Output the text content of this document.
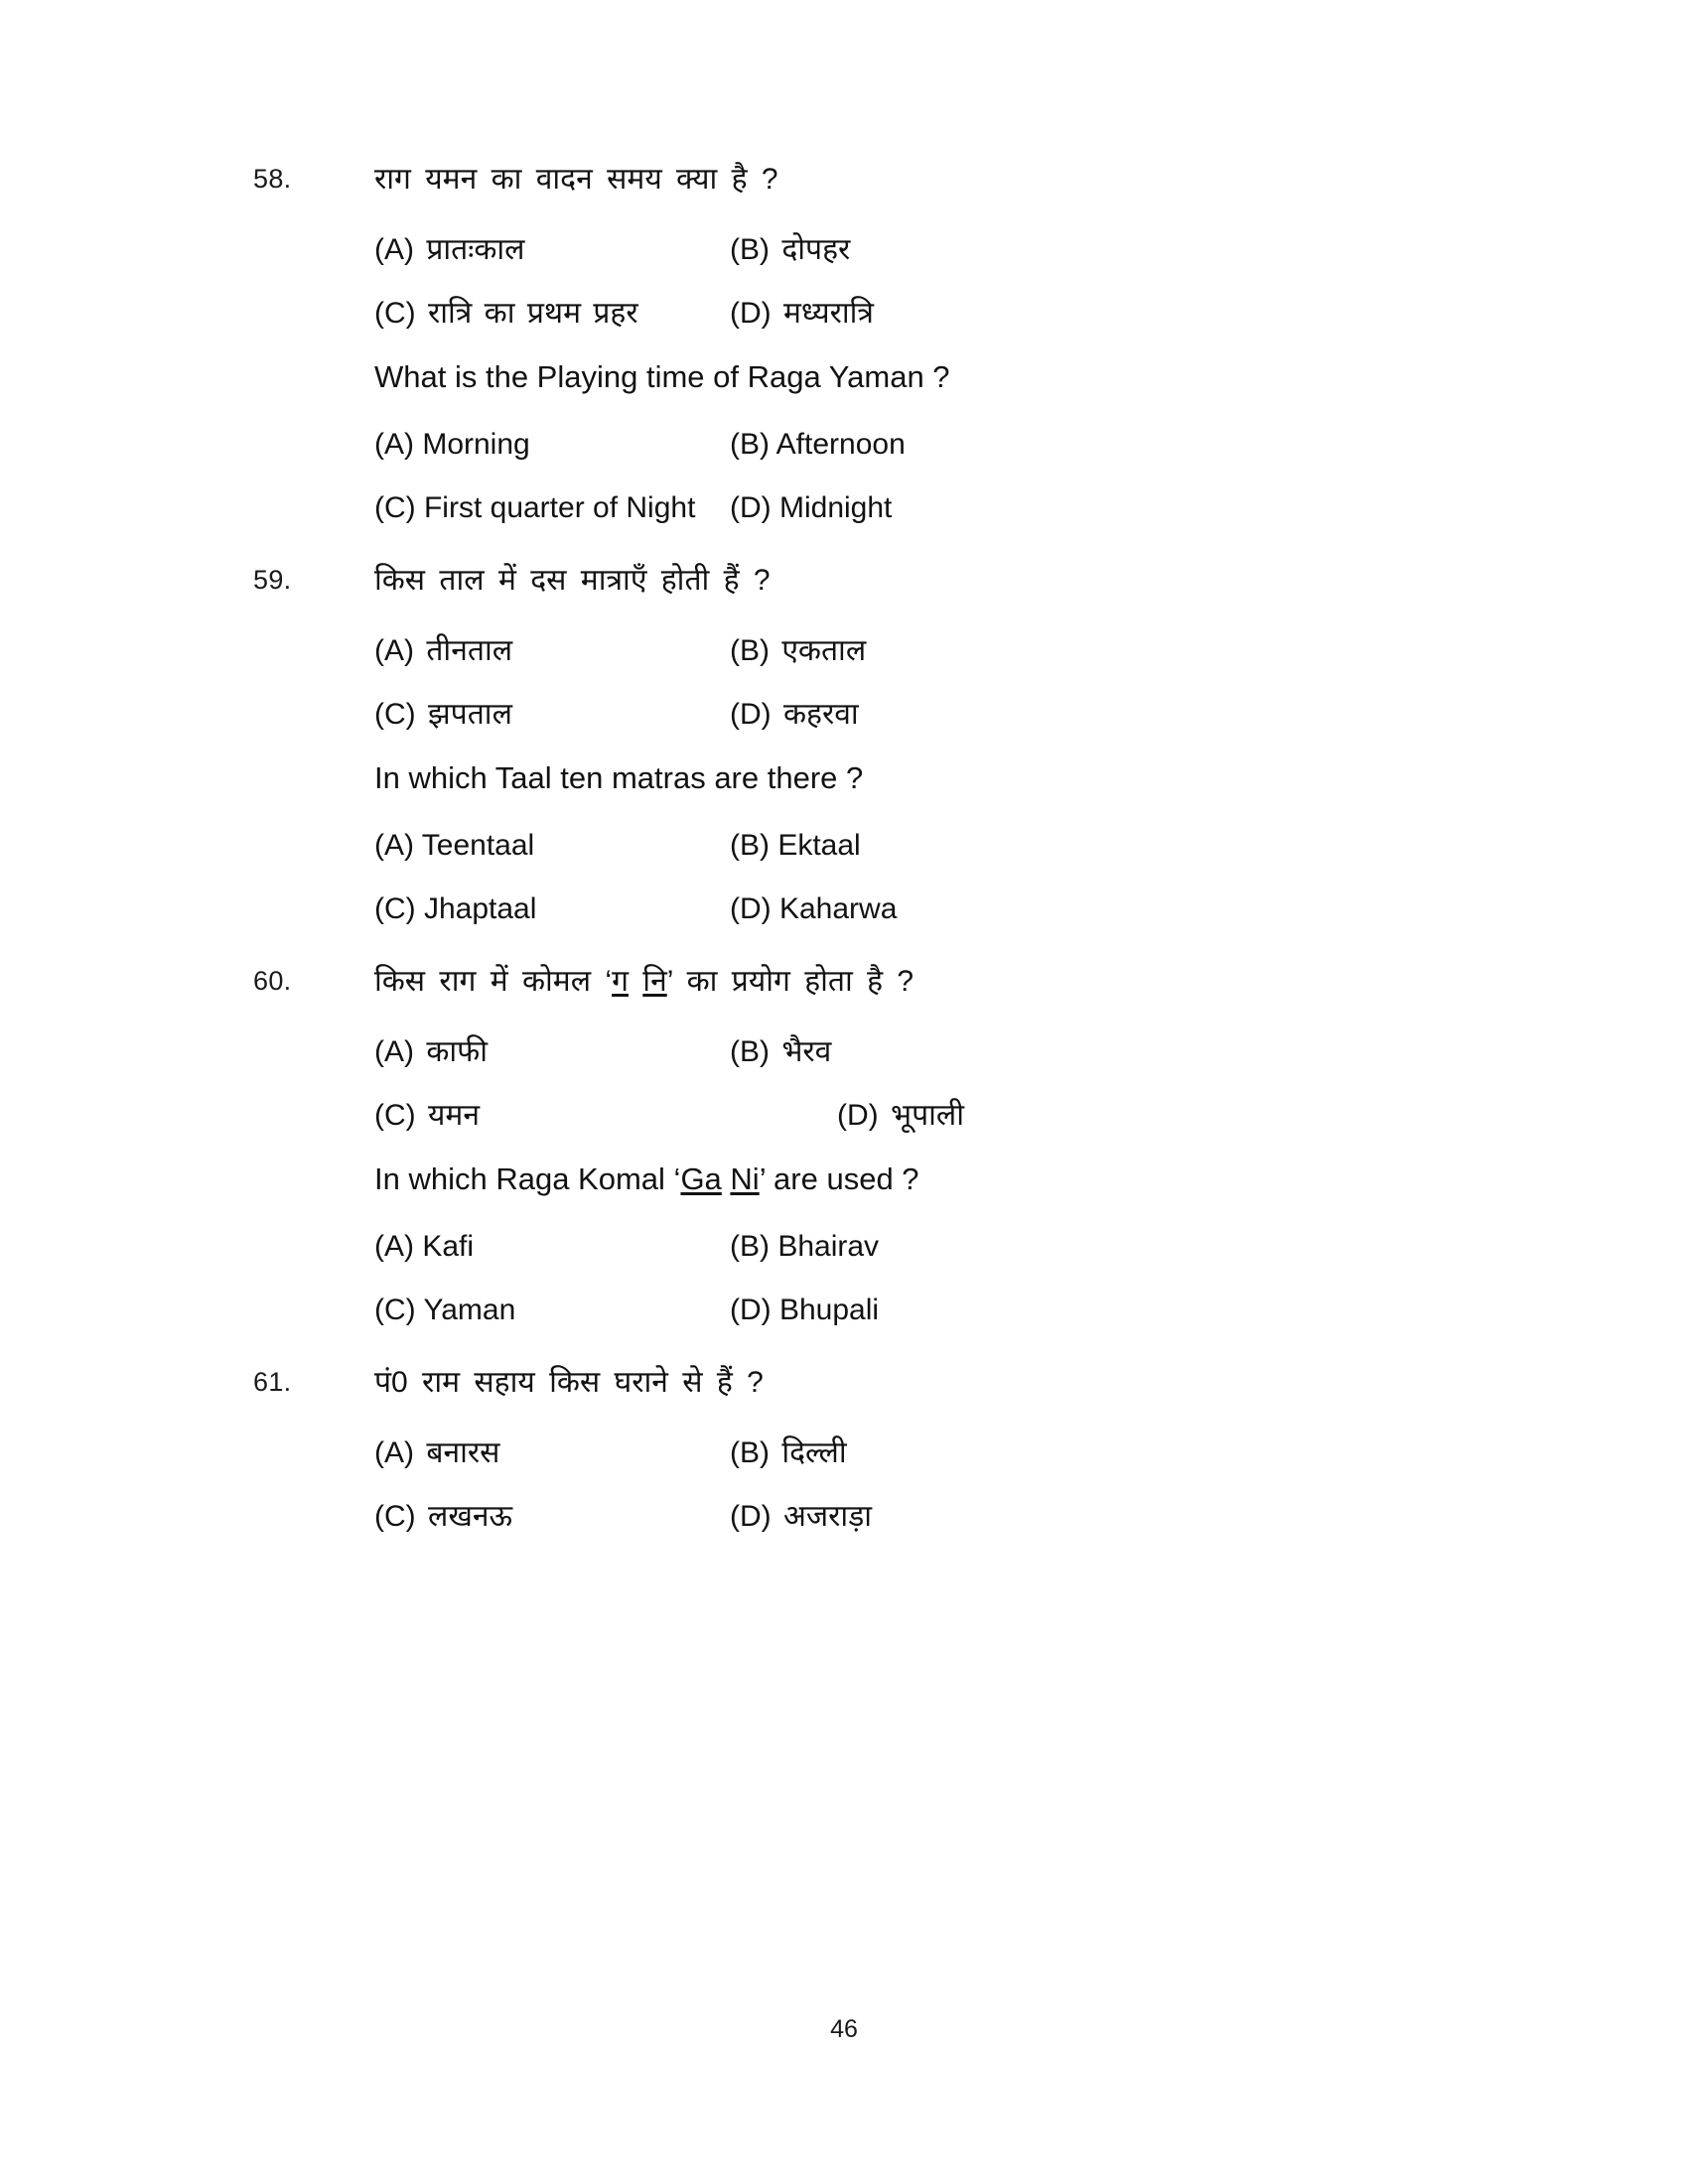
58.	राग यमन का वादन समय क्या है ?
(A) प्रातःकाल	(B) दोपहर
(C) रात्रि का प्रथम प्रहर	(D) मध्यरात्रि
What is the Playing time of Raga Yaman ?
(A) Morning	(B) Afternoon
(C) First quarter of Night	(D) Midnight
59.	किस ताल में दस मात्राएँ होती हैं ?
(A) तीनताल	(B) एकताल
(C) झपताल	(D) कहरवा
In which Taal ten matras are there ?
(A) Teentaal	(B) Ektaal
(C) Jhaptaal	(D) Kaharwa
60.	किस राग में कोमल ‘ग नि’ का प्रयोग होता है ?
(A) काफी	(B) भैरव
(C) यमन	(D) भूपाली
In which Raga Komal ‘Ga Ni’ are used ?
(A) Kafi	(B) Bhairav
(C) Yaman	(D) Bhupali
61.	पं0 राम सहाय किस घराने से हैं ?
(A) बनारस	(B) दिल्ली
(C) लखनऊ	(D) अजराड़ा
46
